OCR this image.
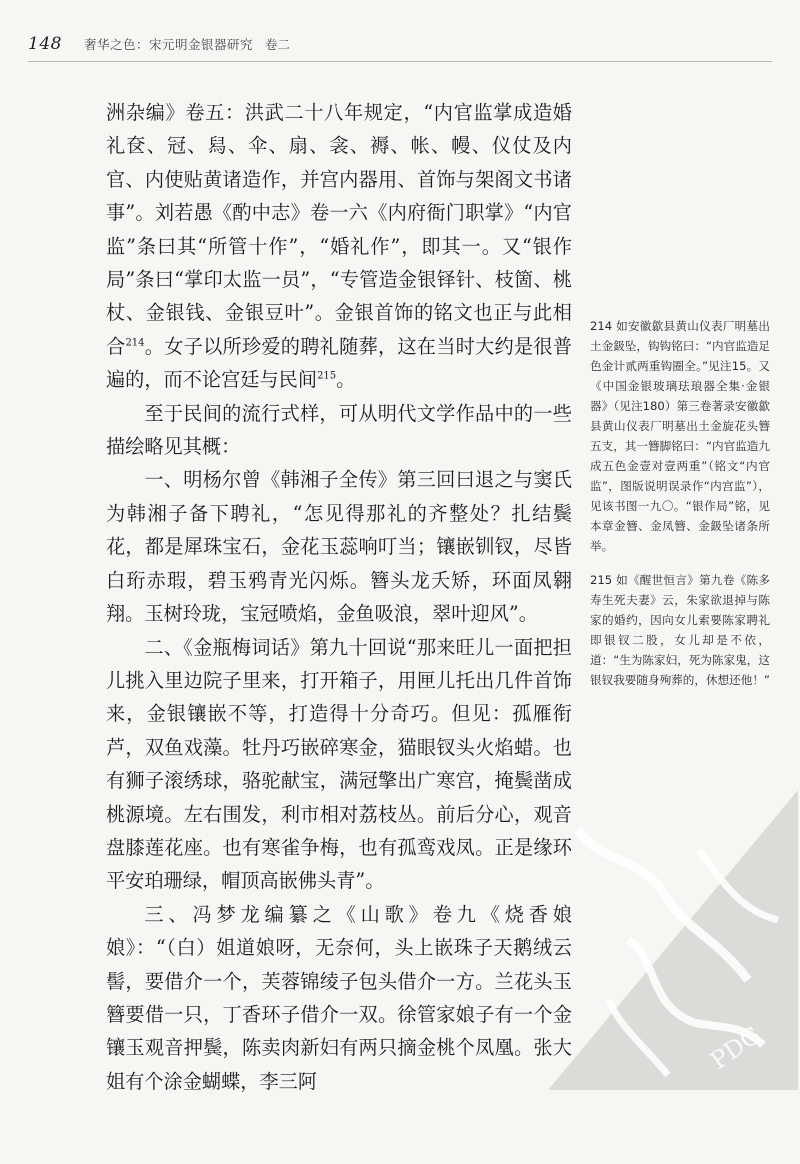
148 奢华之色：宋元明金银器研究 卷二

洲杂编》卷五：洪武二十八年规定，“内官监掌成造婚礼奁、冠、舄、伞、扇、衾、褥、帐、幔、仪仗及内官、内使贴黄诸造作，并宫内器用、首饰与架阁文书诸事”。刘若愚《酌中志》卷一六《内府衙门职掌》“内官监”条曰其“所管十作”，“婚礼作”，即其一。又“银作局”条曰“掌印太监一员”，“专管造金银铎针、枝箇、桃杖、金银钱、金银豆叶”。金银首饰的铭文也正与此相合$^{214}$。女子以所珍爱的聘礼随葬，这在当时大约是很普遍的，而不论宫廷与民间$^{215}$。

至于民间的流行式样，可从明代文学作品中的一些描绘略见其概：

一、明杨尔曾《韩湘子全传》第三回曰退之与窦氏为韩湘子备下聘礼，“怎见得那礼的齐整处？扎结鬓花，都是犀珠宝石，金花玉蕊响叮当；镶嵌钏钗，尽皆白珩赤瑕，碧玉鸦青光闪烁。簪头龙夭矫，环面凤翱翔。玉树玲珑，宝冠喷焰，金鱼吸浪，翠叶迎风”。

二、《金瓶梅词话》第九十回说“那来旺儿一面把担儿挑入里边院子里来，打开箱子，用匣儿托出几件首饰来，金银镶嵌不等，打造得十分奇巧。但见：孤雁衔芦，双鱼戏藻。牡丹巧嵌碎寒金，猫眼钗头火焰蜡。也有狮子滚绣球，骆驼献宝，满冠擎出广寒宫，掩鬓凿成桃源境。左右围发，利市相对荔枝丛。前后分心，观音盘膝莲花座。也有寒雀争梅，也有孤鸾戏凤。正是缘环平安珀珊绿，帽顶高嵌佛头青”。

三、冯梦龙编纂之《山歌》卷九《烧香娘娘》：“（白）姐道娘呀，无奈何，头上嵌珠子天鹅绒云髻，要借介一个，芙蓉锦绫子包头借介一方。兰花头玉簪要借一只，丁香环子借介一双。徐管家娘子有一个金镶玉观音押鬓，陈卖肉新妇有两只摘金桃个凤凰。张大姐有个涂金蝴蝶，李三阿

214 如安徽歙县黄山仪表厂明墓出土金鈒坠，钩钩铭曰：“内官监造足色金计贰两重钩圈全。”见注15。又《中国金银玻璃珐琅器全集·金银器》（见注180）第三卷著录安徽歙县黄山仪表厂明墓出土金旋花头簪五支，其一簪脚铭曰：“内官监造九成五色金壹对壹两重”（铭文“内官监”，图版说明误录作“内宫监”），见该书图一九〇。“银作局”铭，见本章金簪、金凤簪、金鈒坠诸条所举。

215 如《醒世恒言》第九卷《陈多寿生死夫妻》云，朱家欲退掉与陈家的婚约，因向女儿索要陈家聘礼即银钗二股，女儿却是不依，道：“生为陈家妇，死为陈家鬼，这银钗我要随身殉葬的，休想还他！”

PDG
